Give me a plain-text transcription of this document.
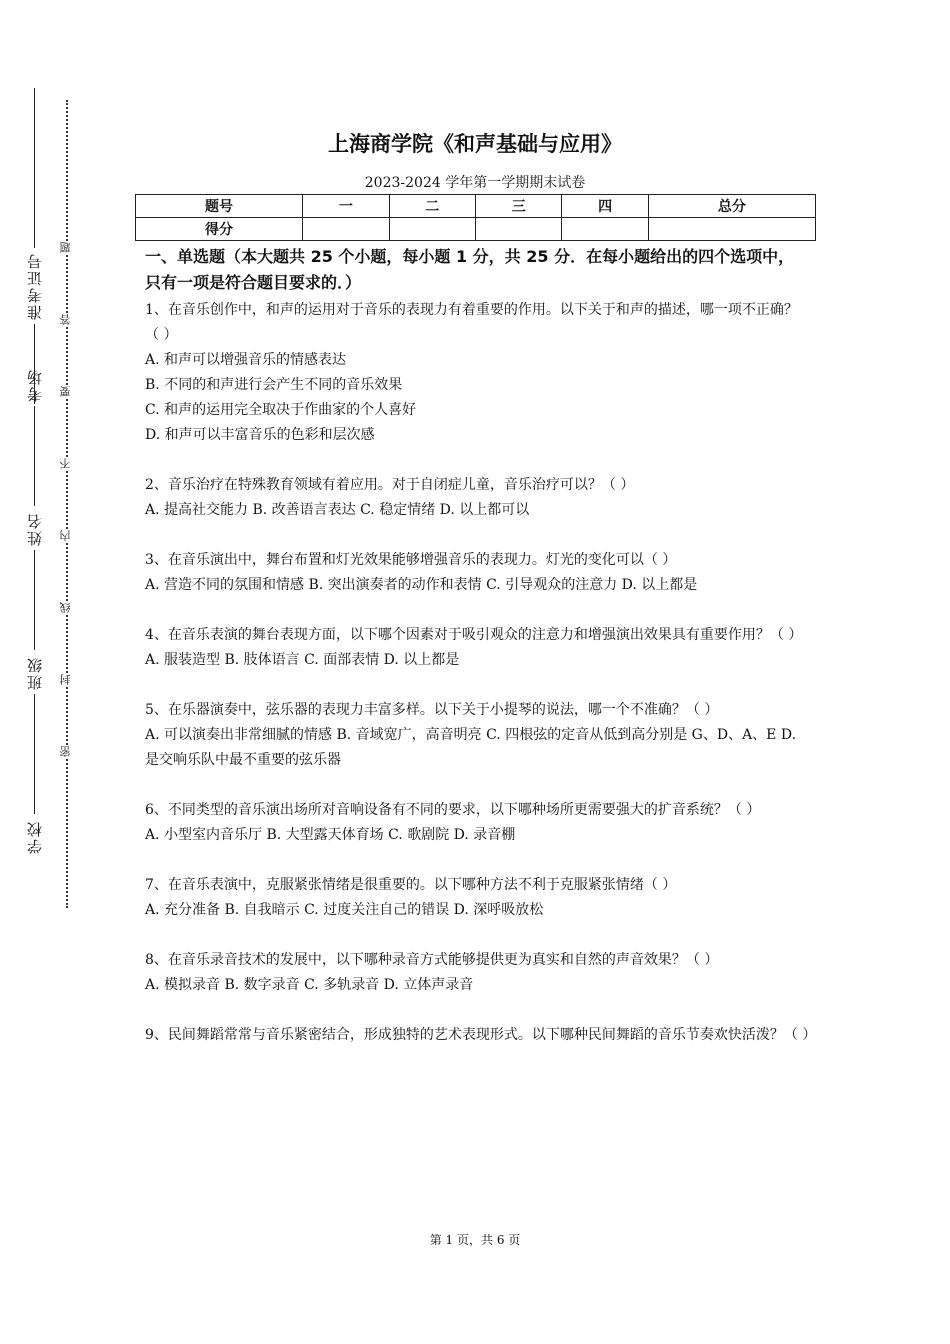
准考证号
考场
姓名
班级
学校
题
答
要
不
内
线
封
密
上海商学院《和声基础与应用》
2023-2024 学年第一学期期末试卷
题号	一	二	三	四	总分
得分					
一、单选题（本大题共 25 个小题，每小题 1 分，共 25 分．在每小题给出的四个选项中，只有一项是符合题目要求的．）

1、在音乐创作中，和声的运用对于音乐的表现力有着重要的作用。以下关于和声的描述，哪一项不正确？（ ）

A. 和声可以增强音乐的情感表达

B. 不同的和声进行会产生不同的音乐效果

C. 和声的运用完全取决于作曲家的个人喜好

D. 和声可以丰富音乐的色彩和层次感

2、音乐治疗在特殊教育领域有着应用。对于自闭症儿童，音乐治疗可以？（ ）

A. 提高社交能力 B. 改善语言表达 C. 稳定情绪 D. 以上都可以

3、在音乐演出中，舞台布置和灯光效果能够增强音乐的表现力。灯光的变化可以（ ）

A. 营造不同的氛围和情感 B. 突出演奏者的动作和表情 C. 引导观众的注意力 D. 以上都是

4、在音乐表演的舞台表现方面，以下哪个因素对于吸引观众的注意力和增强演出效果具有重要作用？（ ）

A. 服装造型 B. 肢体语言 C. 面部表情 D. 以上都是

5、在乐器演奏中，弦乐器的表现力丰富多样。以下关于小提琴的说法，哪一个不准确？（ ）

A. 可以演奏出非常细腻的情感 B. 音域宽广，高音明亮 C. 四根弦的定音从低到高分别是 G、D、A、E D. 是交响乐队中最不重要的弦乐器

6、不同类型的音乐演出场所对音响设备有不同的要求，以下哪种场所更需要强大的扩音系统？（ ）

A. 小型室内音乐厅 B. 大型露天体育场 C. 歌剧院 D. 录音棚

7、在音乐表演中，克服紧张情绪是很重要的。以下哪种方法不利于克服紧张情绪（ ）

A. 充分准备 B. 自我暗示 C. 过度关注自己的错误 D. 深呼吸放松

8、在音乐录音技术的发展中，以下哪种录音方式能够提供更为真实和自然的声音效果？（ ）

A. 模拟录音 B. 数字录音 C. 多轨录音 D. 立体声录音

9、民间舞蹈常常与音乐紧密结合，形成独特的艺术表现形式。以下哪种民间舞蹈的音乐节奏欢快活泼？（ ）

第 1 页，共 6 页
